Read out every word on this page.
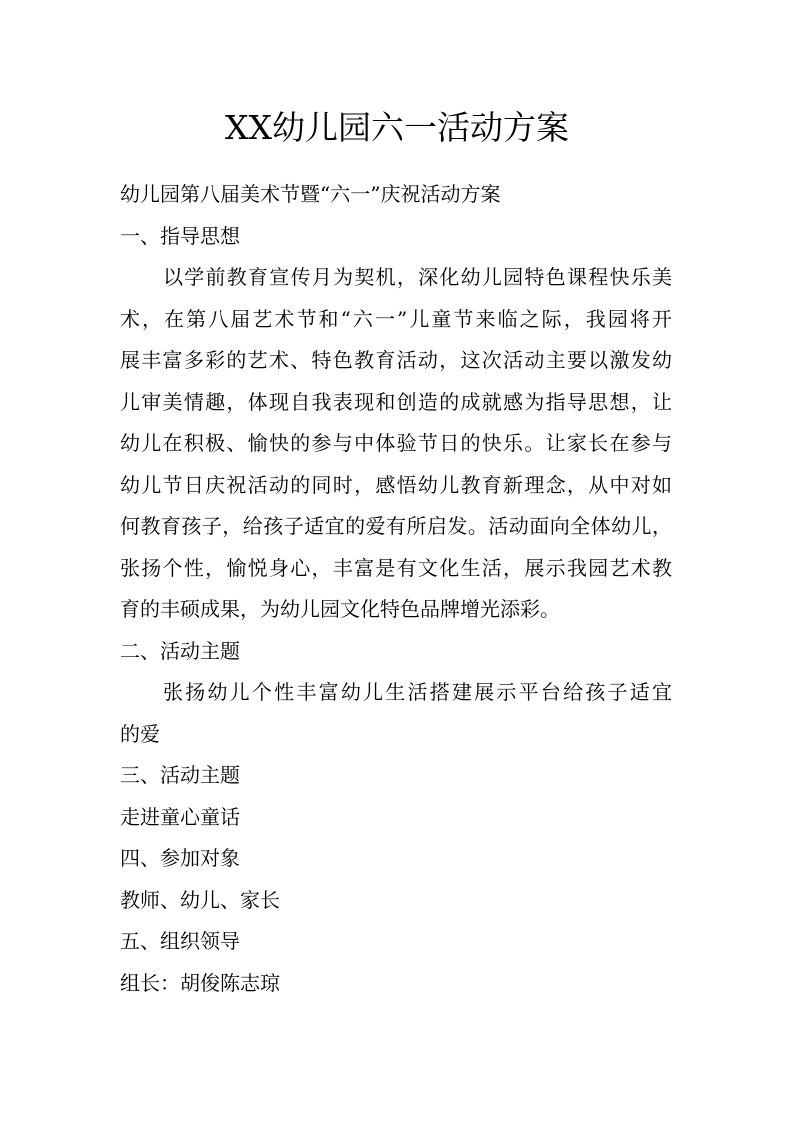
XX幼儿园六一活动方案
幼儿园第八届美术节暨“六一”庆祝活动方案
一、指导思想
以学前教育宣传月为契机，深化幼儿园特色课程快乐美
术，在第八届艺术节和“六一”儿童节来临之际，我园将开
展丰富多彩的艺术、特色教育活动，这次活动主要以激发幼
儿审美情趣，体现自我表现和创造的成就感为指导思想，让
幼儿在积极、愉快的参与中体验节日的快乐。让家长在参与
幼儿节日庆祝活动的同时，感悟幼儿教育新理念，从中对如
何教育孩子，给孩子适宜的爱有所启发。活动面向全体幼儿，
张扬个性，愉悦身心，丰富是有文化生活，展示我园艺术教
育的丰硕成果，为幼儿园文化特色品牌增光添彩。
二、活动主题
张扬幼儿个性丰富幼儿生活搭建展示平台给孩子适宜
的爱
三、活动主题
走进童心童话
四、参加对象
教师、幼儿、家长
五、组织领导
组长：胡俊陈志琼
